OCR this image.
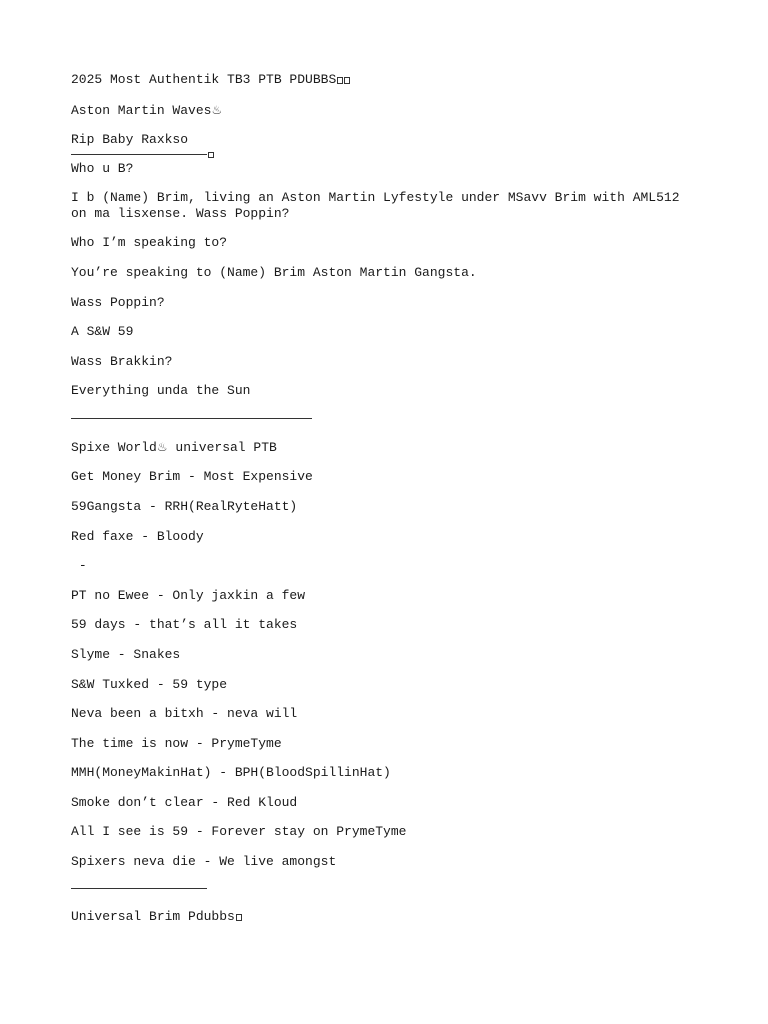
2025 Most Authentik TB3 PTB PDUBBS
Aston Martin Waves♨
Rip Baby Raxkso
Who u B?
I b (Name) Brim, living an Aston Martin Lyfestyle under MSavv Brim with AML512 on ma lisxense. Wass Poppin?
Who I’m speaking to?
You’re speaking to (Name) Brim Aston Martin Gangsta.
Wass Poppin?
A S&W 59
Wass Brakkin?
Everything unda the Sun
Spixe World♨ universal PTB
Get Money Brim - Most Expensive
59Gangsta - RRH(RealRyteHatt)
Red faxe - Bloody
-
PT no Ewee - Only jaxkin a few
59 days - that’s all it takes
Slyme - Snakes
S&W Tuxked - 59 type
Neva been a bitxh - neva will
The time is now - PrymeTyme
MMH(MoneyMakinHat) - BPH(BloodSpillinHat)
Smoke don’t clear - Red Kloud
All I see is 59 - Forever stay on PrymeTyme
Spixers neva die - We live amongst
Universal Brim Pdubbs
